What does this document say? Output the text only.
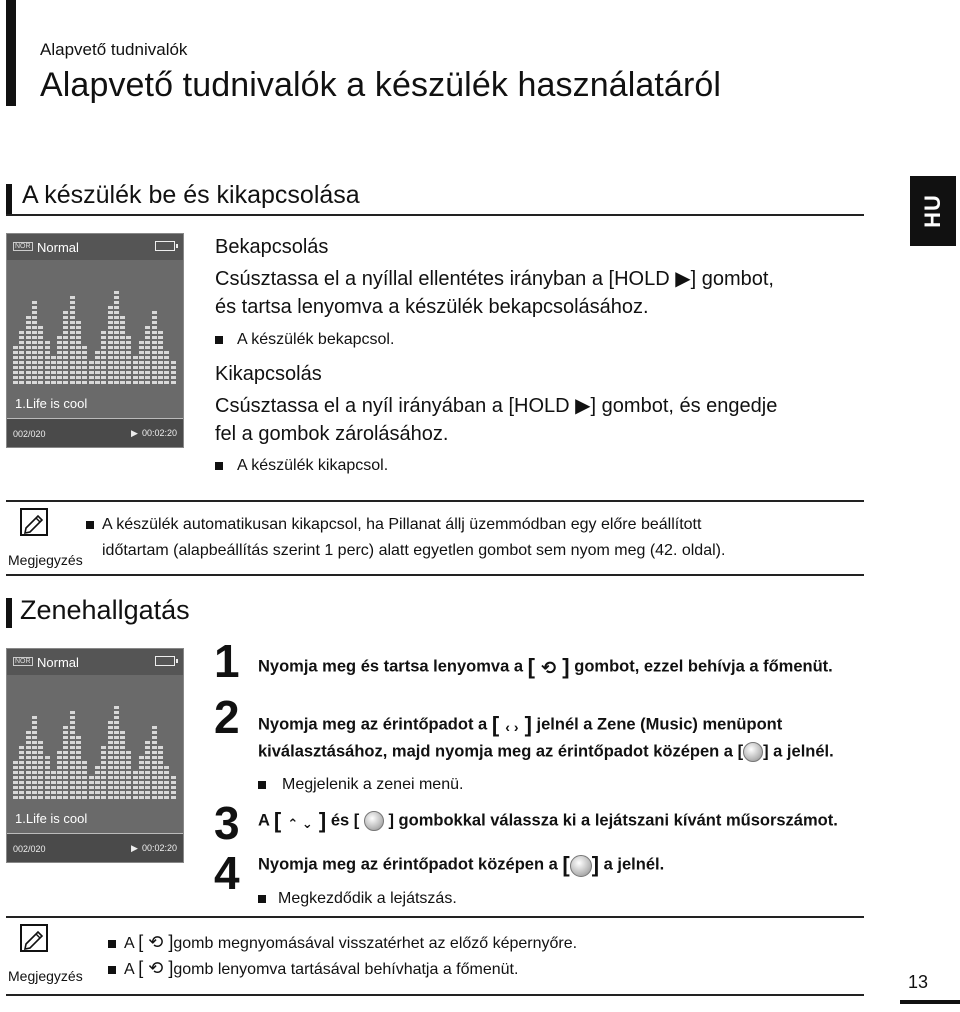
Alapvető tudnivalók
Alapvető tudnivalók a készülék használatáról
HU
A készülék be és kikapcsolása
NOR Normal
1.Life is cool
002/020	▶ 00:02:20
Bekapcsolás
Csúsztassa el a nyíllal ellentétes irányban a [HOLD ▶] gombot,
és tartsa lenyomva a készülék bekapcsolásához.
A készülék bekapcsol.
Kikapcsolás
Csúsztassa el a nyíl irányában a [HOLD ▶] gombot, és engedje
fel a gombok zárolásához.
A készülék kikapcsol.
Megjegyzés
A készülék automatikusan kikapcsol, ha Pillanat állj üzemmódban egy előre beállított
időtartam (alapbeállítás szerint 1 perc) alatt egyetlen gombot sem nyom meg (42. oldal).
Zenehallgatás
NOR Normal
1.Life is cool
002/020	▶ 00:02:20
1 Nyomja meg és tartsa lenyomva a [ ⟲ ] gombot, ezzel behívja a főmenüt.
2 Nyomja meg az érintőpadot a [ ‹ › ] jelnél a Zene (Music) menüpont
kiválasztásához, majd nyomja meg az érintőpadot középen a [ ] a jelnél.
Megjelenik a zenei menü.
3 A [ ⌃ ⌄ ] és [  ] gombokkal válassza ki a lejátszani kívánt műsorszámot.
4 Nyomja meg az érintőpadot középen a [ ] a jelnél.
Megkezdődik a lejátszás.
Megjegyzés
A [ ⟲ ]gomb megnyomásával visszatérhet az előző képernyőre.
A [ ⟲ ]gomb lenyomva tartásával behívhatja a főmenüt.
13
